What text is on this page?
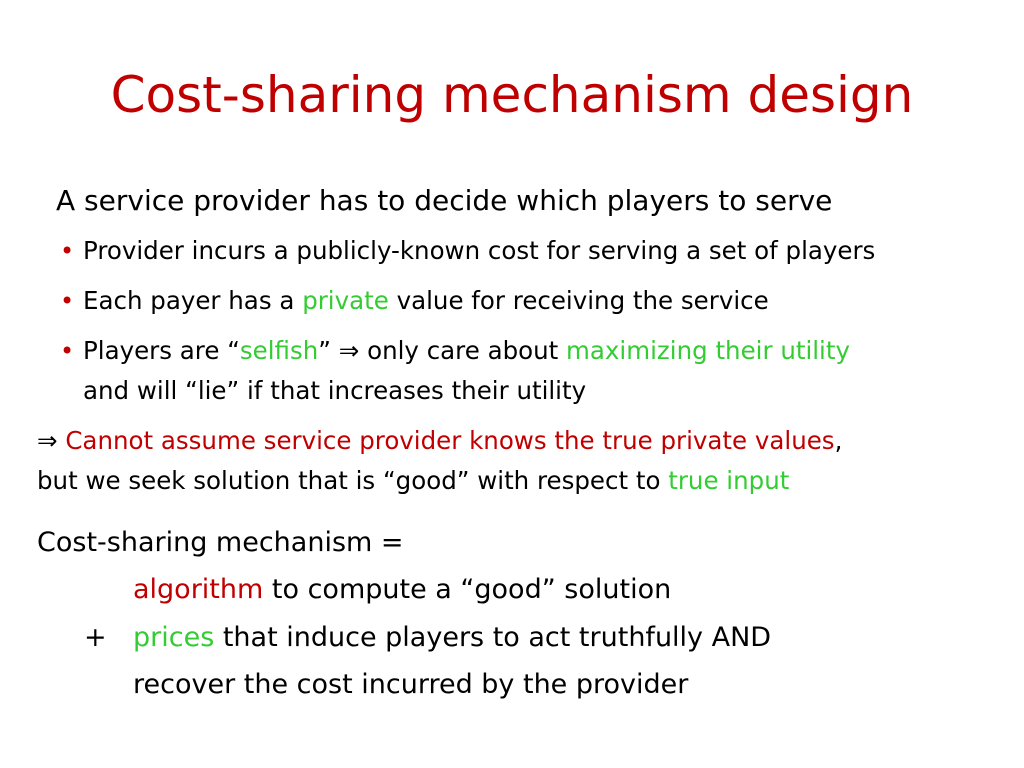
Cost-sharing mechanism design
A service provider has to decide which players to serve
• Provider incurs a publicly-known cost for serving a set of players
• Each payer has a private value for receiving the service
• Players are “selfish” ⇒ only care about maximizing their utility
and will “lie” if that increases their utility
⇒ Cannot assume service provider knows the true private values,
but we seek solution that is “good” with respect to true input
Cost-sharing mechanism =
algorithm to compute a “good” solution
+ prices that induce players to act truthfully AND
recover the cost incurred by the provider
